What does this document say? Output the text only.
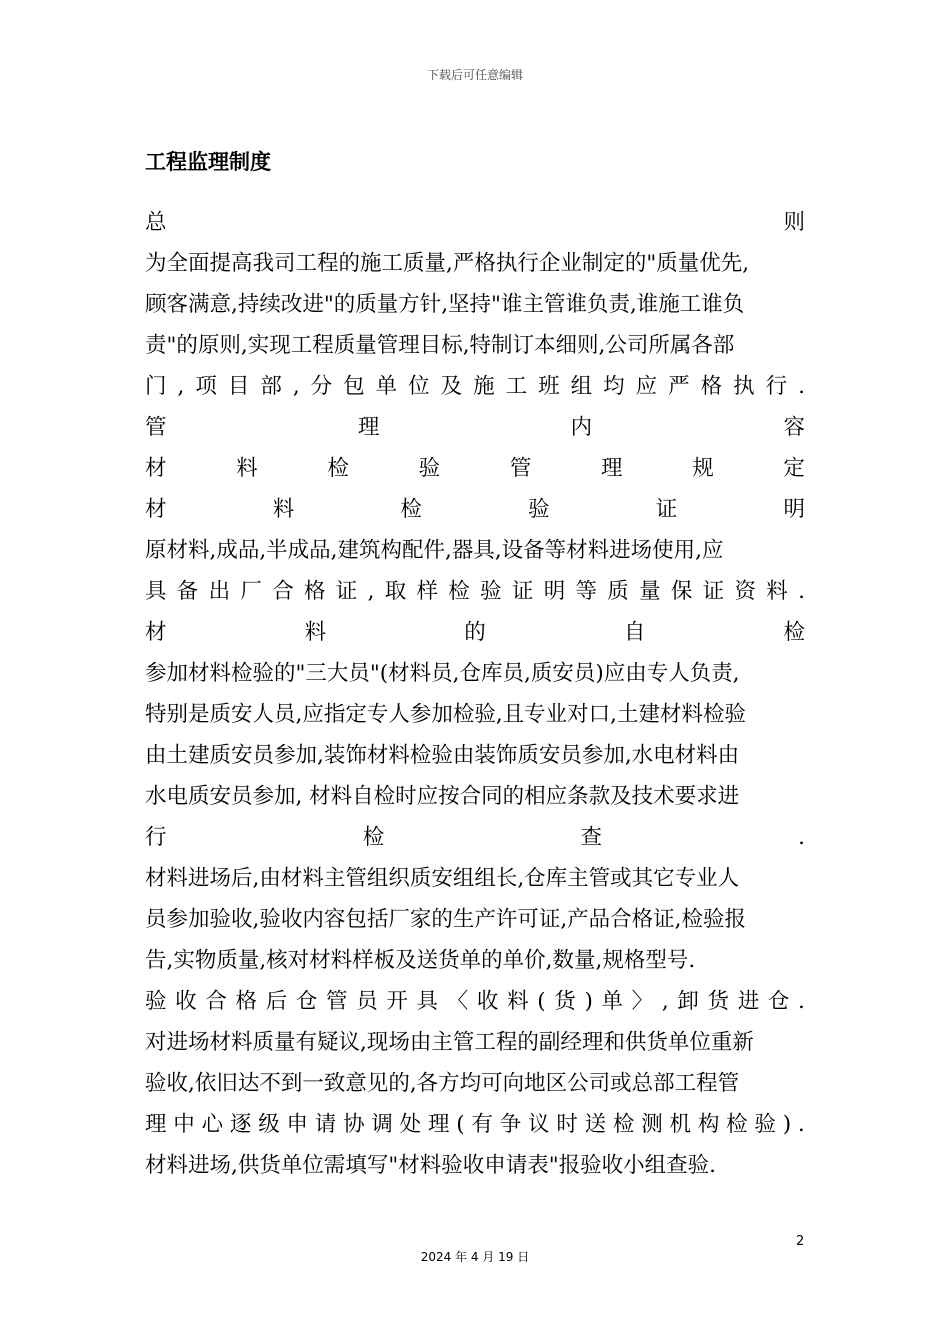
下载后可任意编辑
工程监理制度
总	则
为全面提高我司工程的施工质量,严格执行企业制定的"质量优先,
顾客满意,持续改进"的质量方针,坚持"谁主管谁负责,谁施工谁负
责"的原则,实现工程质量管理目标,特制订本细则,公司所属各部
门 , 项 目 部 , 分 包 单 位 及 施 工 班 组 均 应 严 格 执 行 .
管	理	内	容
材	料	检	验	管	理	规	定
材	料	检	验	证	明
原材料,成品,半成品,建筑构配件,器具,设备等材料进场使用,应
具 备 出 厂 合 格 证 , 取 样 检 验 证 明 等 质 量 保 证 资 料 .
材	料	的	自	检
参加材料检验的"三大员"(材料员,仓库员,质安员)应由专人负责,
特别是质安人员,应指定专人参加检验,且专业对口,土建材料检验
由土建质安员参加,装饰材料检验由装饰质安员参加,水电材料由
水电质安员参加, 材料自检时应按合同的相应条款及技术要求进
行	检	查	.
材料进场后,由材料主管组织质安组组长,仓库主管或其它专业人
员参加验收,验收内容包括厂家的生产许可证,产品合格证,检验报
告,实物质量,核对材料样板及送货单的单价,数量,规格型号.
验 收 合 格 后 仓 管 员 开 具 〈 收 料 ( 货 ) 单 〉 , 卸 货 进 仓 .
对进场材料质量有疑议,现场由主管工程的副经理和供货单位重新
验收,依旧达不到一致意见的,各方均可向地区公司或总部工程管
理 中 心 逐 级 申 请 协 调 处 理 ( 有 争 议 时 送 检 测 机 构 检 验 ) .
材料进场,供货单位需填写"材料验收申请表"报验收小组查验.
2
2024 年 4 月 19 日
